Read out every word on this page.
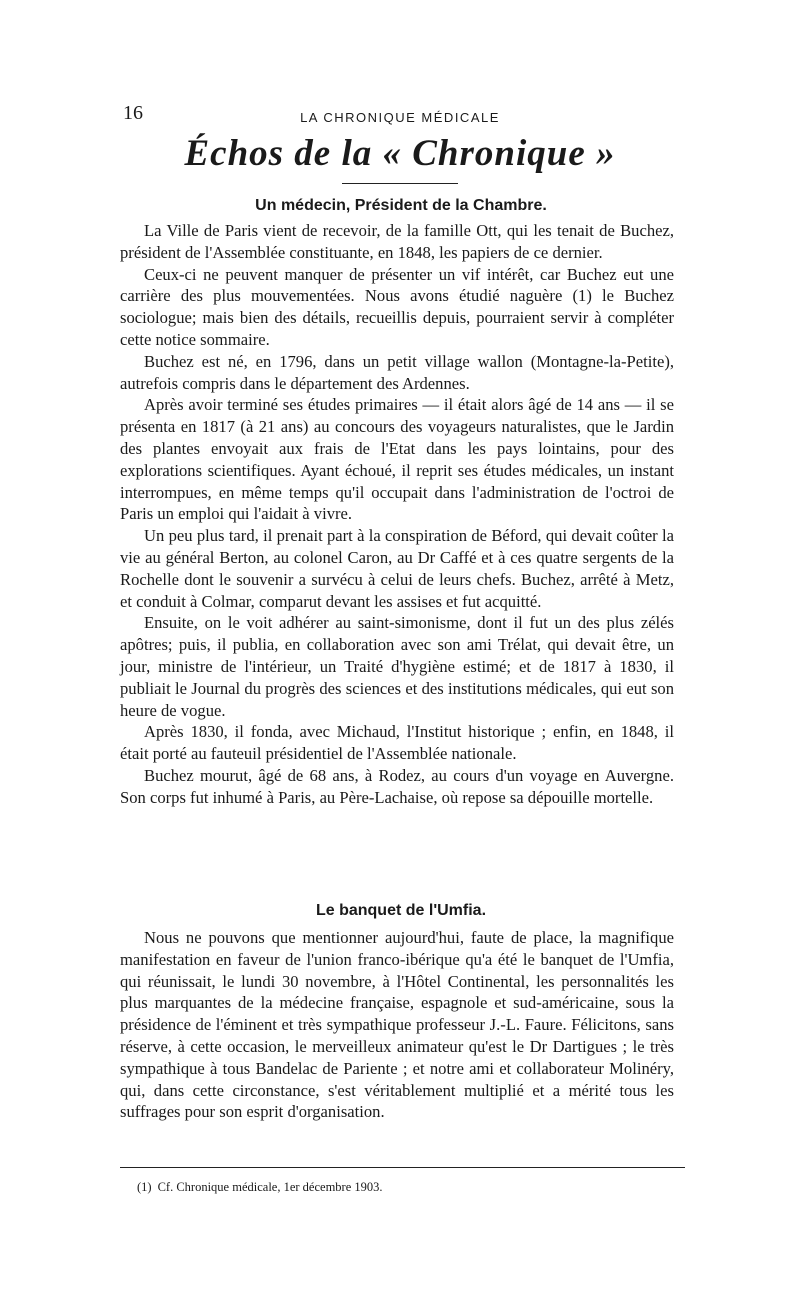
16	LA CHRONIQUE MÉDICALE
Échos de la « Chronique »
Un médecin, Président de la Chambre.

La Ville de Paris vient de recevoir, de la famille Ott, qui les tenait de Buchez, président de l'Assemblée constituante, en 1848, les papiers de ce dernier.

Ceux-ci ne peuvent manquer de présenter un vif intérêt, car Buchez eut une carrière des plus mouvementées. Nous avons étudié naguère (1) le Buchez sociologue; mais bien des détails, recueillis depuis, pourraient servir à compléter cette notice sommaire.

Buchez est né, en 1796, dans un petit village wallon (Montagne-la-Petite), autrefois compris dans le département des Ardennes.

Après avoir terminé ses études primaires — il était alors âgé de 14 ans — il se présenta en 1817 (à 21 ans) au concours des voyageurs naturalistes, que le Jardin des plantes envoyait aux frais de l'Etat dans les pays lointains, pour des explorations scientifiques. Ayant échoué, il reprit ses études médicales, un instant interrompues, en même temps qu'il occupait dans l'administration de l'octroi de Paris un emploi qui l'aidait à vivre.

Un peu plus tard, il prenait part à la conspiration de Béford, qui devait coûter la vie au général Berton, au colonel Caron, au Dr Caffé et à ces quatre sergents de la Rochelle dont le souvenir a survécu à celui de leurs chefs. Buchez, arrêté à Metz, et conduit à Colmar, comparut devant les assises et fut acquitté.

Ensuite, on le voit adhérer au saint-simonisme, dont il fut un des plus zélés apôtres; puis, il publia, en collaboration avec son ami Trélat, qui devait être, un jour, ministre de l'intérieur, un Traité d'hygiène estimé; et de 1817 à 1830, il publiait le Journal du progrès des sciences et des institutions médicales, qui eut son heure de vogue.

Après 1830, il fonda, avec Michaud, l'Institut historique ; enfin, en 1848, il était porté au fauteuil présidentiel de l'Assemblée nationale.

Buchez mourut, âgé de 68 ans, à Rodez, au cours d'un voyage en Auvergne. Son corps fut inhumé à Paris, au Père-Lachaise, où repose sa dépouille mortelle.

Le banquet de l'Umfia.

Nous ne pouvons que mentionner aujourd'hui, faute de place, la magnifique manifestation en faveur de l'union franco-ibérique qu'a été le banquet de l'Umfia, qui réunissait, le lundi 30 novembre, à l'Hôtel Continental, les personnalités les plus marquantes de la médecine française, espagnole et sud-américaine, sous la présidence de l'éminent et très sympathique professeur J.-L. Faure. Félicitons, sans réserve, à cette occasion, le merveilleux animateur qu'est le Dr Dartigues ; le très sympathique à tous Bandelac de Pariente ; et notre ami et collaborateur Molinéry, qui, dans cette circonstance, s'est véritablement multiplié et a mérité tous les suffrages pour son esprit d'organisation.

(1) Cf. Chronique médicale, 1er décembre 1903.
